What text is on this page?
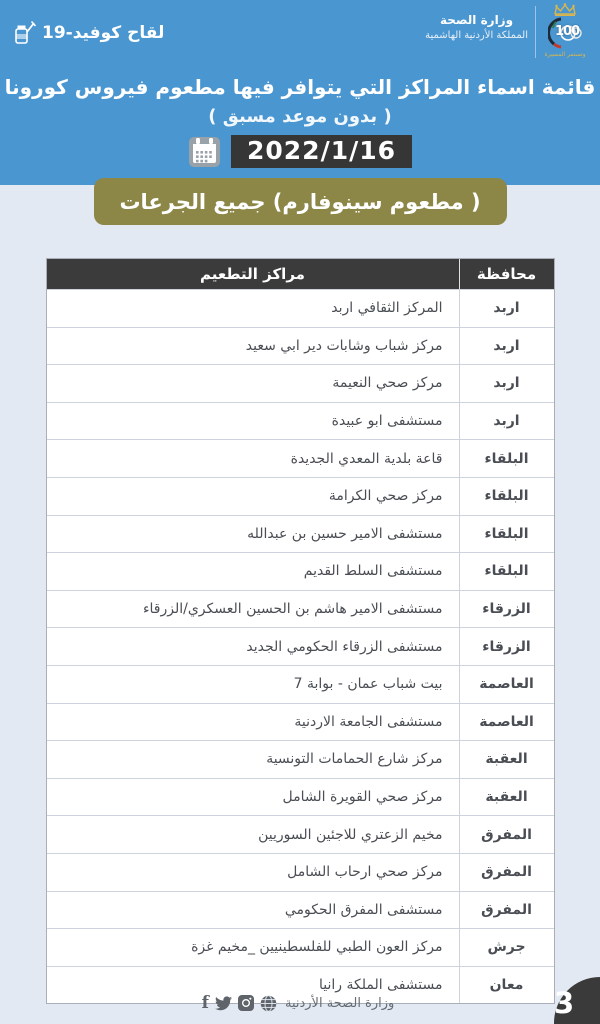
لقاح كوفيد-19
وزارة الصحة
المملكة الأردنية الهاشمية 100
وتستمر المسيرة
قائمة اسماء المراكز التي يتوافر فيها مطعوم فيروس كورونا
( بدون موعد مسبق )
2022/1/16
( مطعوم سينوفارم) جميع الجرعات
محافظة
مراكز التطعيم
اربد
المركز الثقافي اربد
اربد
مركز شباب وشابات دير ابي سعيد
اربد
مركز صحي النعيمة
اربد
مستشفى ابو عبيدة
البلقاء
قاعة بلدية المعدي الجديدة
البلقاء
مركز صحي الكرامة
البلقاء
مستشفى الامير حسين بن عبدالله
البلقاء
مستشفى السلط القديم
الزرقاء
مستشفى الامير هاشم بن الحسين العسكري/الزرقاء
الزرقاء
مستشفى الزرقاء الحكومي الجديد
العاصمة
بيت شباب عمان - بوابة 7
العاصمة
مستشفى الجامعة الاردنية
العقبة
مركز شارع الحمامات التونسية
العقبة
مركز صحي القويرة الشامل
المفرق
مخيم الزعتري للاجئين السوريين
المفرق
مركز صحي ارحاب الشامل
المفرق
مستشفى المفرق الحكومي
جرش
مركز العون الطبي للفلسطينيين _مخيم غزة
معان
مستشفى الملكة رانيا
f	وزارة الصحة الأردنية	3
